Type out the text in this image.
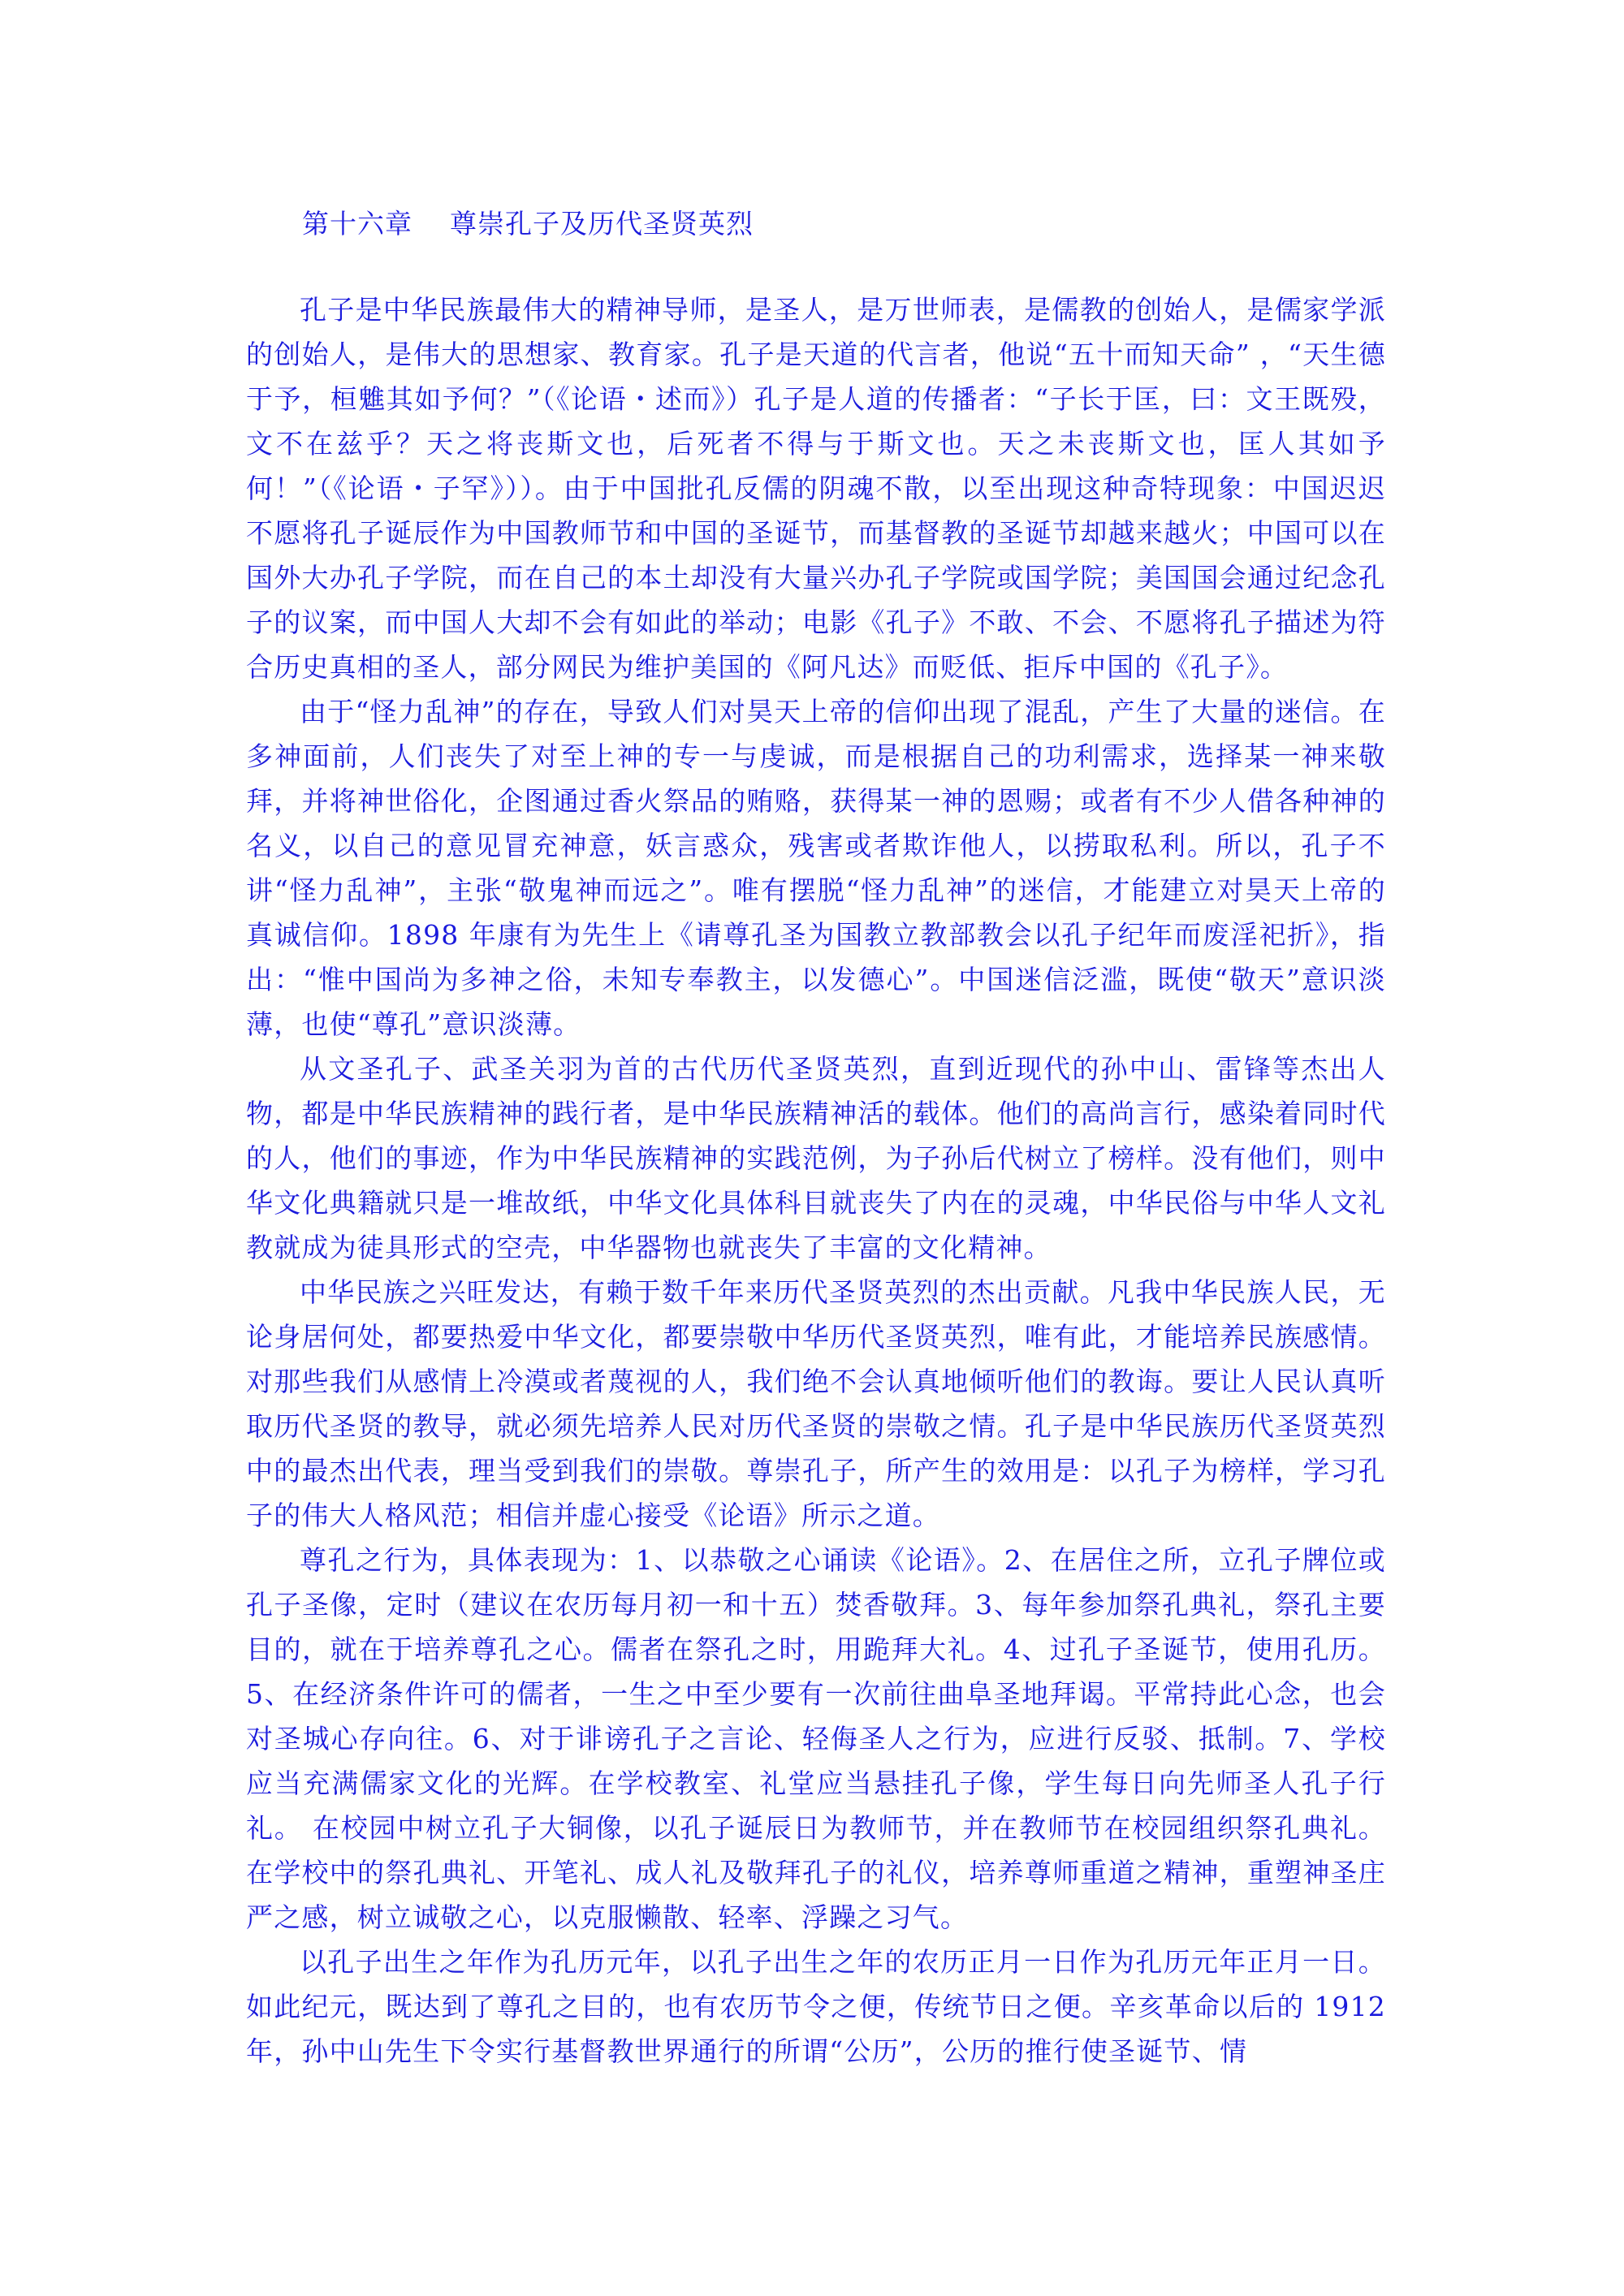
第十六章    尊崇孔子及历代圣贤英烈

孔子是中华民族最伟大的精神导师，是圣人，是万世师表，是儒教的创始人，是儒家学派的创始人，是伟大的思想家、教育家。孔子是天道的代言者，他说“五十而知天命” ，“天生德于予，桓魋其如予何？”（《论语・述而》）孔子是人道的传播者：“子长于匡，曰：文王既殁，文不在兹乎？天之将丧斯文也，后死者不得与于斯文也。天之未丧斯文也，匡人其如予何！”（《论语・子罕》））。由于中国批孔反儒的阴魂不散，以至出现这种奇特现象：中国迟迟不愿将孔子诞辰作为中国教师节和中国的圣诞节，而基督教的圣诞节却越来越火；中国可以在国外大办孔子学院，而在自己的本土却没有大量兴办孔子学院或国学院；美国国会通过纪念孔子的议案，而中国人大却不会有如此的举动；电影《孔子》不敢、不会、不愿将孔子描述为符合历史真相的圣人，部分网民为维护美国的《阿凡达》而贬低、拒斥中国的《孔子》。

由于“怪力乱神”的存在，导致人们对昊天上帝的信仰出现了混乱，产生了大量的迷信。在多神面前，人们丧失了对至上神的专一与虔诚，而是根据自己的功利需求，选择某一神来敬拜，并将神世俗化，企图通过香火祭品的贿赂，获得某一神的恩赐；或者有不少人借各种神的名义，以自己的意见冒充神意，妖言惑众，残害或者欺诈他人，以捞取私利。所以，孔子不讲“怪力乱神”，主张“敬鬼神而远之”。唯有摆脱“怪力乱神”的迷信，才能建立对昊天上帝的真诚信仰。1898 年康有为先生上《请尊孔圣为国教立教部教会以孔子纪年而废淫祀折》，指出：“惟中国尚为多神之俗，未知专奉教主，以发德心”。中国迷信泛滥，既使“敬天”意识淡薄，也使“尊孔”意识淡薄。

从文圣孔子、武圣关羽为首的古代历代圣贤英烈，直到近现代的孙中山、雷锋等杰出人物，都是中华民族精神的践行者，是中华民族精神活的载体。他们的高尚言行，感染着同时代的人，他们的事迹，作为中华民族精神的实践范例，为子孙后代树立了榜样。没有他们，则中华文化典籍就只是一堆故纸，中华文化具体科目就丧失了内在的灵魂，中华民俗与中华人文礼教就成为徒具形式的空壳，中华器物也就丧失了丰富的文化精神。

中华民族之兴旺发达，有赖于数千年来历代圣贤英烈的杰出贡献。凡我中华民族人民，无论身居何处，都要热爱中华文化，都要崇敬中华历代圣贤英烈，唯有此，才能培养民族感情。对那些我们从感情上冷漠或者蔑视的人，我们绝不会认真地倾听他们的教诲。要让人民认真听取历代圣贤的教导，就必须先培养人民对历代圣贤的崇敬之情。孔子是中华民族历代圣贤英烈中的最杰出代表，理当受到我们的崇敬。尊崇孔子，所产生的效用是：以孔子为榜样，学习孔子的伟大人格风范；相信并虚心接受《论语》所示之道。

尊孔之行为，具体表现为：1、以恭敬之心诵读《论语》。2、在居住之所，立孔子牌位或孔子圣像，定时（建议在农历每月初一和十五）焚香敬拜。3、每年参加祭孔典礼，祭孔主要目的，就在于培养尊孔之心。儒者在祭孔之时，用跪拜大礼。4、过孔子圣诞节，使用孔历。5、在经济条件许可的儒者，一生之中至少要有一次前往曲阜圣地拜谒。平常持此心念，也会对圣城心存向往。6、对于诽谤孔子之言论、轻侮圣人之行为，应进行反驳、抵制。7、学校应当充满儒家文化的光辉。在学校教室、礼堂应当悬挂孔子像，学生每日向先师圣人孔子行礼。 在校园中树立孔子大铜像，以孔子诞辰日为教师节，并在教师节在校园组织祭孔典礼。在学校中的祭孔典礼、开笔礼、成人礼及敬拜孔子的礼仪，培养尊师重道之精神，重塑神圣庄严之感，树立诚敬之心，以克服懒散、轻率、浮躁之习气。

以孔子出生之年作为孔历元年，以孔子出生之年的农历正月一日作为孔历元年正月一日。如此纪元，既达到了尊孔之目的，也有农历节令之便，传统节日之便。辛亥革命以后的 1912 年，孙中山先生下令实行基督教世界通行的所谓“公历”，公历的推行使圣诞节、情
